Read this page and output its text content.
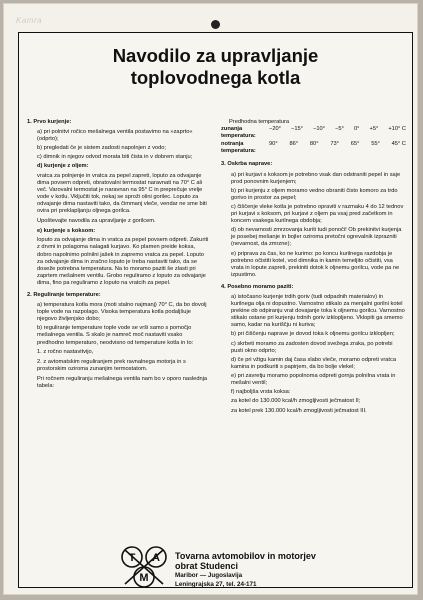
Kamra
Navodilo za upravljanje
toplovodnega kotla
1. Prvo kurjenje:
a) pri polnitvi ročico mešalnega ventila postavimo na »zaprto« (odprto);
b) pregledati če je sistem zadosti napolnjen z vodo;
c) dimnik in njegov odvod morata biti čista in v dobrem stanju;
d) kurjenje z oljem:
vratca za polnjenje in vratca za pepel zapreti, loputo za odvajanje dima povsem odpreti, obratovalni termostat naravnati na 70° C ali več. Varovalni termostat je naravnan na 95° C in preprečuje vrelje vode v kotlu. Vključiti tok, nekaj se sproži olini gorilec. Loputo za odvajanje dima nastaviti tako, da čimmanj vleče, vendar ne sme biti ovira pri preklapljanju oljnega gorilca.
Upoštevajte navodila za upravljanje z gorilcem.
e) kurjenje s koksom:
loputo za odvajanje dima in vratca za pepel povsem odpreti. Zakuriti z drvmi in polagoma nalagati kurjavo. Ko plamen preide koksa, dobro napolnimo polnilni jašek in zapremo vratca za pepel. Loputo za odvajanje dima in zračno loputo je treba nastaviti tako, da se doseže potrebna temperatura. Na to moramo paziti še zlasti pri zaprtem mešalnem ventilu. Grobo reguliramo z loputo za odvajanje dima, fino pa reguliramo z loputo na vratcih za pepel.
2. Reguliranje temperature:
a) temperatura kotla mora (moti stalno najmanj) 70° C, da bo dovolj tople vode na razpolago. Visoka temperatura kotla podaljšuje njegovo življenjsko dobo;
b) reguliranje temperature tople vode se vrši samo s pomočjo mešalnega ventila. S skalo je namreč moč nastaviti vsako predhodno temperaturo, neodvisno od temperature kotla in to:
1. z ročno nastavitvijo,
2. z avtomatskim reguliranjem prek ravnalnega motorja in s prostorskim oziroma zunanjim termostatom.
Pri ročnem reguliranju mešalnega ventila nam bo v oporo naslednja tabela:
Predhodna temperatura
zunanja temperatura:
−20° −15° −10° −5° 0° +5° +10° C
notranja temperatura:
90° 86° 80° 73° 65° 55° 45° C
3. Oskrba naprave:
a) pri kurjavi s koksom je potrebno vsak dan odstraniti pepel in saje prod ponovnim kurjenjem;
b) pri kurjenju z oljem moramo vedno obraniti čisto komoro za trdo gorivo in prostor za pepel;
c) čiščenje vleke kotla je potrebno opraviti v razmaku 4 do 12 tednov pri kurjavi s koksom, pri kurjavi z oljem pa vsaj pred začetkom in koncem vsakega kurilnega obdobja;
d) ob nevarnosti zmrzovanja kuriti tudi ponoči! Ob prekinitvi kurjenja je posebej mešanje in bojler oziroma pretočni ogrevalnik izprazniti (nevarnost, da zmrzne);
e) priprava za čas, ko ne kurimo: po koncu kurilnega razdobja je potrebno očistiti kotel, vod dimnika in kamin temeljito očistiti, vsa vrata in lopute zapreti, prekiniti dotok k oljnemu gorilcu, vode pa ne izpustimo.
4. Posebno moramo paziti:
a) istočasno kurjenje trdih goriv (tudi odpadnih materialov) in kurilnega olja ni dopustno. Varnostno stikalo za menjalni gorilni kotel prekine ob odpiranju vrat dovajanje toka k oljnemu gorilcu. Varnostno stikalo ostane pri kurjenju trdnih goriv izklopljeno. Vklopiti ga smemo samo, kadar na kuriščju ni kuriva;
b) pri čiščenju naprave je dovod toka k oljnemu gorilcu izklopljen;
c) skrbeti moramo za zadosten dovod svežega zraka, po potrebi pusti okno odprto;
d) če pri vžigu kamin daj časa slabo vleče, moramo odpreti vratca kamina in podkuriti s papirjem, da bo bolje vlekel;
e) pri zavretju moramo popolnoma odpreti gornja polnilna vrata in mešalni ventil;
f) najboljša vrsta koksa:
za kotel do 130.000 kcal/h zmogljivosti ječmatost II;
za kotel prek 130.000 kcal/h zmogljivosti ječmatost III.
T A
M
Tovarna avtomobilov in motorjev
obrat Studenci
Maribor — Jugoslavija
Leningrajska 27, tel. 24-171
